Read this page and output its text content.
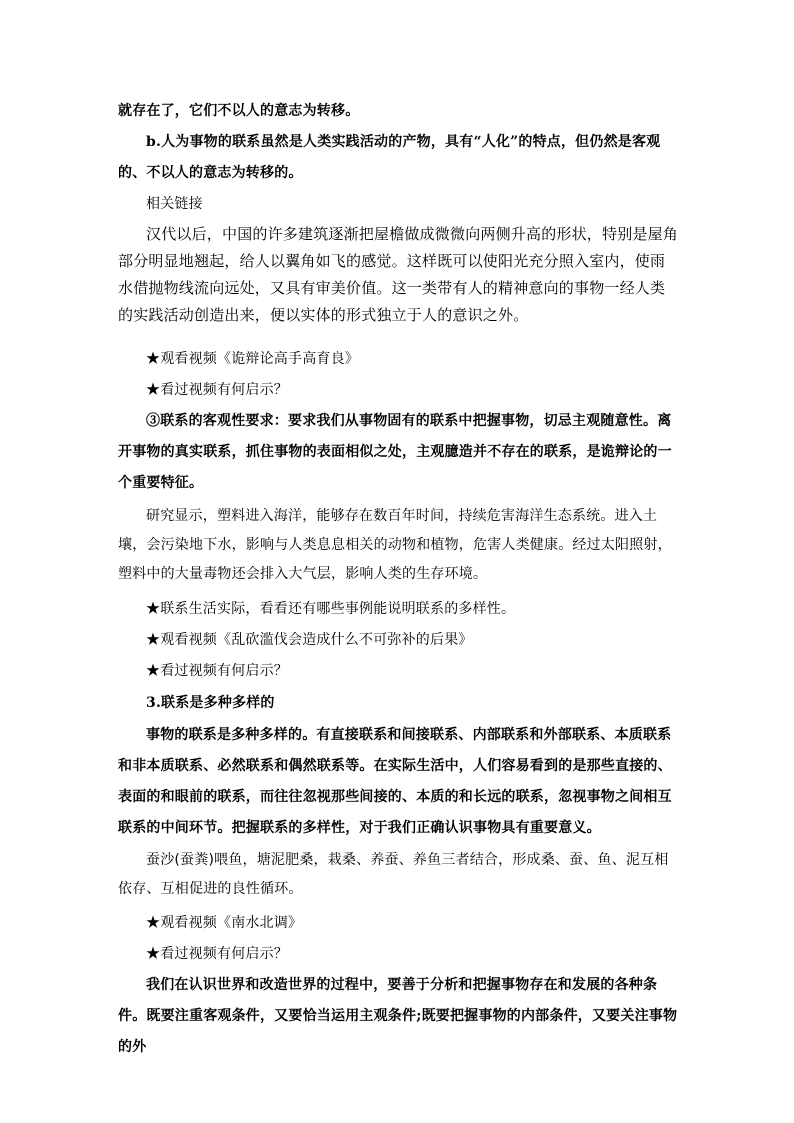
就存在了，它们不以人的意志为转移。

b.人为事物的联系虽然是人类实践活动的产物，具有“人化”的特点，但仍然是客观的、不以人的意志为转移的。

相关链接

汉代以后，中国的许多建筑逐渐把屋檐做成微微向两侧升高的形状，特别是屋角部分明显地翘起，给人以翼角如飞的感觉。这样既可以使阳光充分照入室内，使雨水借抛物线流向远处，又具有审美价值。这一类带有人的精神意向的事物一经人类的实践活动创造出来，便以实体的形式独立于人的意识之外。

★观看视频《诡辩论高手高育良》

★看过视频有何启示？

③联系的客观性要求：要求我们从事物固有的联系中把握事物，切忌主观随意性。离开事物的真实联系，抓住事物的表面相似之处，主观臆造并不存在的联系，是诡辩论的一个重要特征。

研究显示，塑料进入海洋，能够存在数百年时间，持续危害海洋生态系统。进入土壤，会污染地下水，影响与人类息息相关的动物和植物，危害人类健康。经过太阳照射，塑料中的大量毒物还会排入大气层，影响人类的生存环境。

★联系生活实际，看看还有哪些事例能说明联系的多样性。

★观看视频《乱砍滥伐会造成什么不可弥补的后果》

★看过视频有何启示？

3.联系是多种多样的

事物的联系是多种多样的。有直接联系和间接联系、内部联系和外部联系、本质联系和非本质联系、必然联系和偶然联系等。在实际生活中，人们容易看到的是那些直接的、表面的和眼前的联系，而往往忽视那些间接的、本质的和长远的联系，忽视事物之间相互联系的中间环节。把握联系的多样性，对于我们正确认识事物具有重要意义。

蚕沙(蚕粪)喂鱼，塘泥肥桑，栽桑、养蚕、养鱼三者结合，形成桑、蚕、鱼、泥互相依存、互相促进的良性循环。

★观看视频《南水北调》

★看过视频有何启示？

我们在认识世界和改造世界的过程中，要善于分析和把握事物存在和发展的各种条件。既要注重客观条件，又要恰当运用主观条件;既要把握事物的内部条件，又要关注事物的外
